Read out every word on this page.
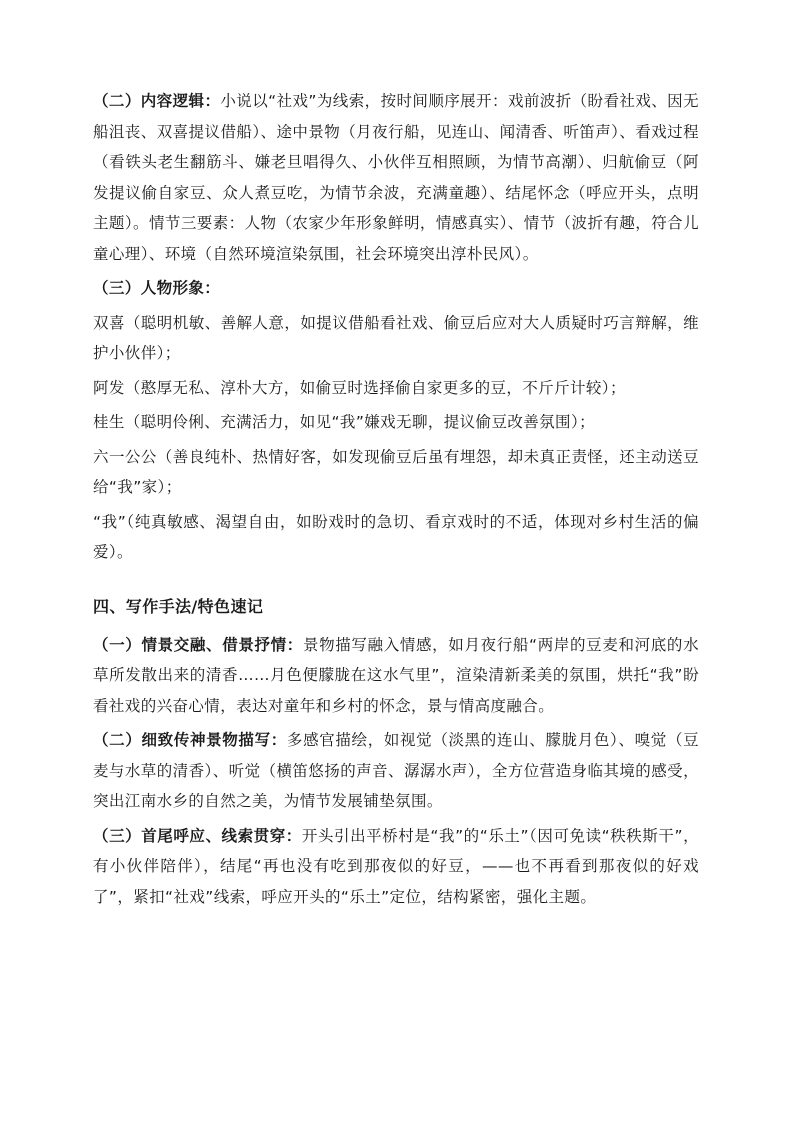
（二）内容逻辑：小说以“社戏”为线索，按时间顺序展开：戏前波折（盼看社戏、因无船沮丧、双喜提议借船）、途中景物（月夜行船，见连山、闻清香、听笛声）、看戏过程（看铁头老生翻筋斗、嫌老旦唱得久、小伙伴互相照顾，为情节高潮）、归航偷豆（阿发提议偷自家豆、众人煮豆吃，为情节余波，充满童趣）、结尾怀念（呼应开头，点明主题）。情节三要素：人物（农家少年形象鲜明，情感真实）、情节（波折有趣，符合儿童心理）、环境（自然环境渲染氛围，社会环境突出淳朴民风）。

（三）人物形象：

双喜（聪明机敏、善解人意，如提议借船看社戏、偷豆后应对大人质疑时巧言辩解，维护小伙伴）；

阿发（憨厚无私、淳朴大方，如偷豆时选择偷自家更多的豆，不斤斤计较）；

桂生（聪明伶俐、充满活力，如见“我”嫌戏无聊，提议偷豆改善氛围）；

六一公公（善良纯朴、热情好客，如发现偷豆后虽有埋怨，却未真正责怪，还主动送豆给“我”家）；

“我”（纯真敏感、渴望自由，如盼戏时的急切、看京戏时的不适，体现对乡村生活的偏爱）。

四、写作手法/特色速记

（一）情景交融、借景抒情：景物描写融入情感，如月夜行船“两岸的豆麦和河底的水草所发散出来的清香……月色便朦胧在这水气里”，渲染清新柔美的氛围，烘托“我”盼看社戏的兴奋心情，表达对童年和乡村的怀念，景与情高度融合。

（二）细致传神景物描写：多感官描绘，如视觉（淡黑的连山、朦胧月色）、嗅觉（豆麦与水草的清香）、听觉（横笛悠扬的声音、潺潺水声），全方位营造身临其境的感受，突出江南水乡的自然之美，为情节发展铺垫氛围。

（三）首尾呼应、线索贯穿：开头引出平桥村是“我”的“乐土”（因可免读“秩秩斯干”，有小伙伴陪伴），结尾“再也没有吃到那夜似的好豆，——也不再看到那夜似的好戏了”，紧扣“社戏”线索，呼应开头的“乐土”定位，结构紧密，强化主题。
